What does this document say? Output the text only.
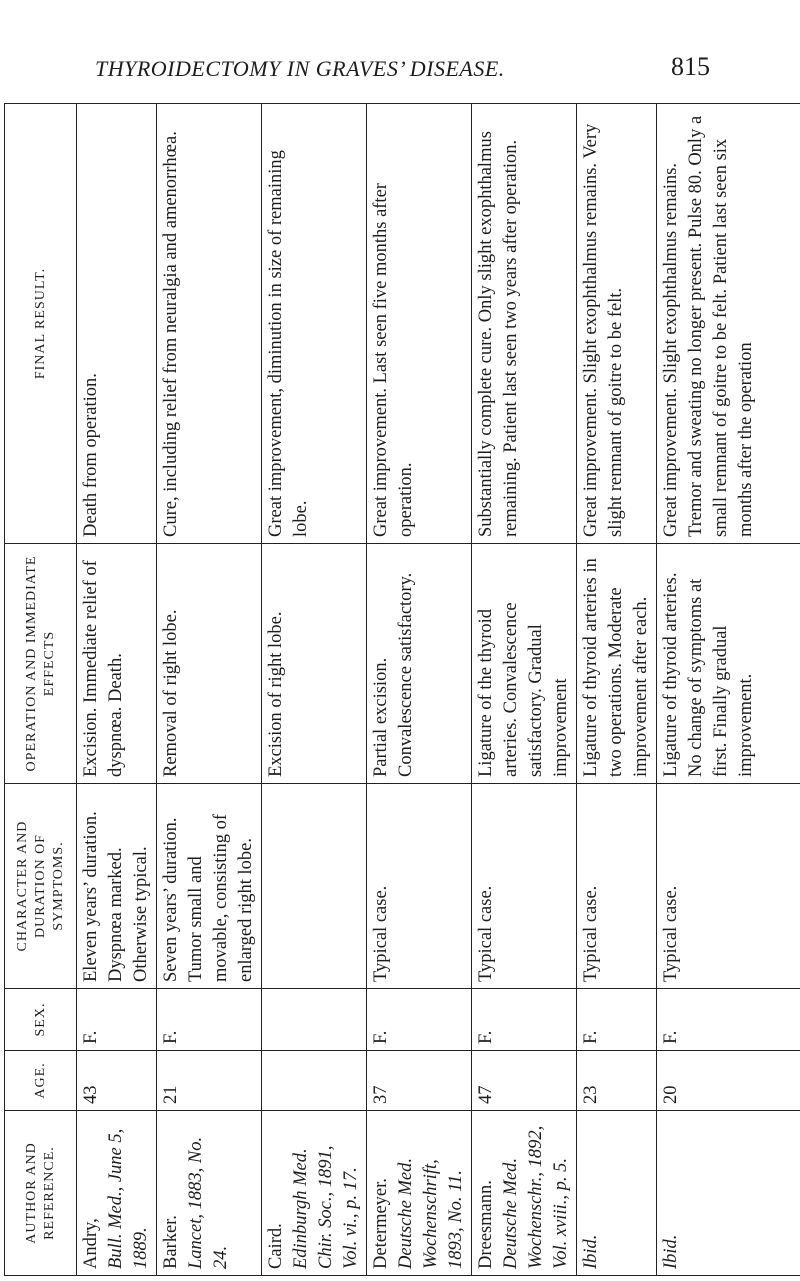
THYROIDECTOMY IN GRAVES’ DISEASE.	815
AUTHOR AND REFERENCE.	AGE.	SEX.	CHARACTER AND DURATION OF SYMPTOMS.	OPERATION AND IMMEDIATE EFFECTS	FINAL RESULT.

Andry, Bull. Med., June 5, 1889.	43	F.	Eleven years’ duration. Dyspnœa marked. Otherwise typical.	Excision. Immediate relief of dyspnœa. Death.	Death from operation.

Barker. Lancet, 1883, No. 24.	21	F.	Seven years’ duration. Tumor small and movable, consisting of enlarged right lobe.	Removal of right lobe.	Cure, including relief from neuralgia and amenorrhœa.

Caird. Edinburgh Med. Chir. Soc., 1891, Vol. vi., p. 17.				Excision of right lobe.	Great improvement, diminution in size of remaining lobe.

Determeyer. Deutsche Med. Wochenschrift, 1893, No. 11.	37	F.	Typical case.	Partial excision. Convalescence satisfactory.	Great improvement. Last seen five months after operation.

Dreesmann. Deutsche Med. Wochenschr., 1892, Vol. xviii., p. 5.	47	F.	Typical case.	Ligature of the thyroid arteries. Convalescence satisfactory. Gradual improvement	Substantially complete cure. Only slight exophthalmus remaining. Patient last seen two years after operation.

Ibid.	23	F.	Typical case.	Ligature of thyroid arteries in two operations. Moderate improvement after each.	Great improvement. Slight exophthalmus remains. Very slight remnant of goitre to be felt.

Ibid.	20	F.	Typical case.	Ligature of thyroid arteries. No change of symptoms at first. Finally gradual improvement.	Great improvement. Slight exophthalmus remains. Tremor and sweating no longer present. Pulse 80. Only a small remnant of goitre to be felt. Patient last seen six months after the operation
